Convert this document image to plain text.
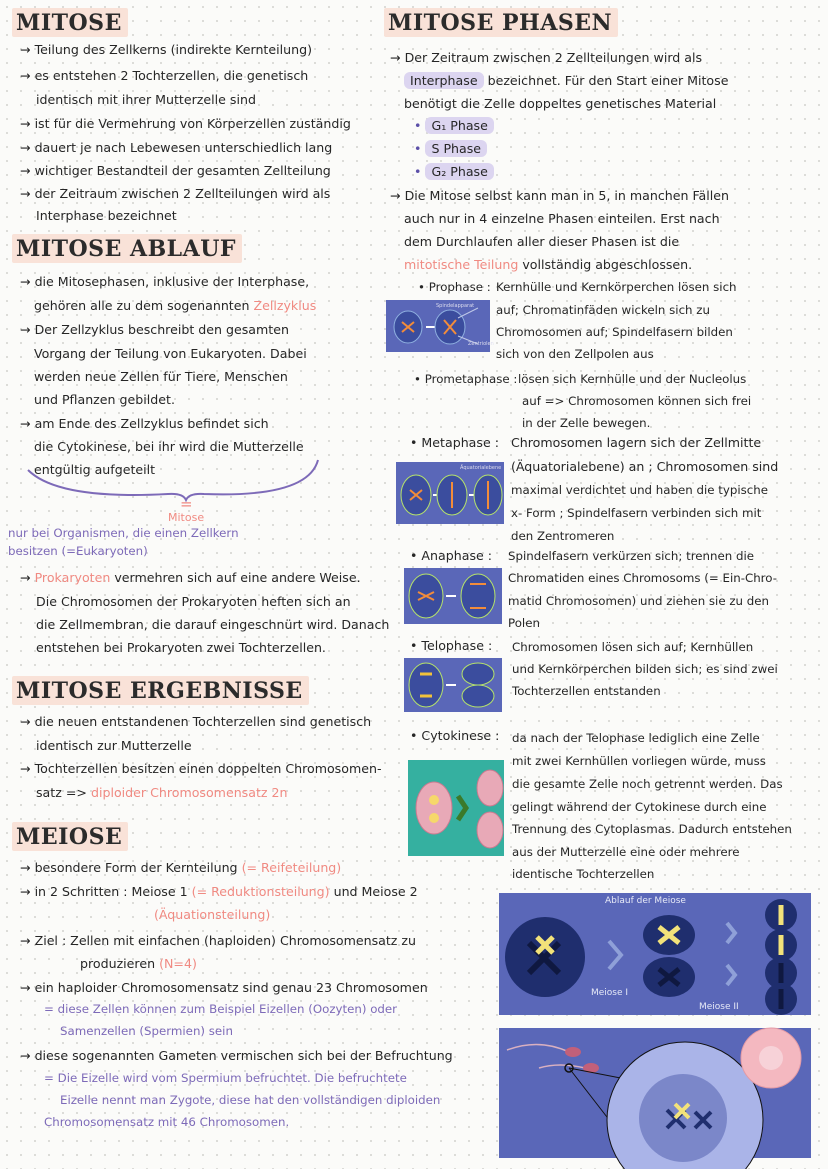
MITOSE
→ Teilung des Zellkerns (indirekte Kernteilung)
→ es entstehen 2 Tochterzellen, die genetisch
identisch mit ihrer Mutterzelle sind
→ ist für die Vermehrung von Körperzellen zuständig
→ dauert je nach Lebewesen unterschiedlich lang
→ wichtiger Bestandteil der gesamten Zellteilung
→ der Zeitraum zwischen 2 Zellteilungen wird als
Interphase bezeichnet
MITOSE ABLAUF
→ die Mitosephasen, inklusive der Interphase,
gehören alle zu dem sogenannten Zellzyklus
→ Der Zellzyklus beschreibt den gesamten
Vorgang der Teilung von Eukaryoten. Dabei
werden neue Zellen für Tiere, Menschen
und Pflanzen gebildet.
→ am Ende des Zellzyklus befindet sich
die Cytokinese, bei ihr wird die Mutterzelle
entgültig aufgeteilt
=
Mitose
nur bei Organismen, die einen Zellkern
besitzen (=Eukaryoten)
→ Prokaryoten vermehren sich auf eine andere Weise.
Die Chromosomen der Prokaryoten heften sich an
die Zellmembran, die darauf eingeschnürt wird. Danach
entstehen bei Prokaryoten zwei Tochterzellen.
MITOSE ERGEBNISSE
→ die neuen entstandenen Tochterzellen sind genetisch
identisch zur Mutterzelle
→ Tochterzellen besitzen einen doppelten Chromosomen-
satz => diploider Chromosomensatz 2n
MEIOSE
→ besondere Form der Kernteilung (= Reifeteilung)
→ in 2 Schritten : Meiose 1 (= Reduktionsteilung) und Meiose 2
(Äquationsteilung)
→ Ziel : Zellen mit einfachen (haploiden) Chromosomensatz zu
produzieren (N=4)
→ ein haploider Chromosomensatz sind genau 23 Chromosomen
= diese Zellen können zum Beispiel Eizellen (Oozyten) oder
Samenzellen (Spermien) sein
→ diese sogenannten Gameten vermischen sich bei der Befruchtung
= Die Eizelle wird vom Spermium befruchtet. Die befruchtete
Eizelle nennt man Zygote, diese hat den vollständigen diploiden
Chromosomensatz mit 46 Chromosomen.
MITOSE PHASEN
→ Der Zeitraum zwischen 2 Zellteilungen wird als
Interphase bezeichnet. Für den Start einer Mitose
benötigt die Zelle doppeltes genetisches Material
• G₁ Phase
• S Phase
• G₂ Phase
→ Die Mitose selbst kann man in 5, in manchen Fällen
auch nur in 4 einzelne Phasen einteilen. Erst nach
dem Durchlaufen aller dieser Phasen ist die
mitotische Teilung vollständig abgeschlossen.
• Prophase : Kernhülle und Kernkörperchen lösen sich
auf; Chromatinfäden wickeln sich zu
Chromosomen auf; Spindelfasern bilden
sich von den Zellpolen aus
Spindelapparat
Zentriolen
• Prometaphase : lösen sich Kernhülle und der Nucleolus
auf => Chromosomen können sich frei
in der Zelle bewegen.
• Metaphase : Chromosomen lagern sich der Zellmitte
(Äquatorialebene) an ; Chromosomen sind
maximal verdichtet und haben die typische
x- Form ; Spindelfasern verbinden sich mit
den Zentromeren
Äquatorialebene
• Anaphase : Spindelfasern verkürzen sich; trennen die
Chromatiden eines Chromosoms (= Ein-Chro-
matid Chromosomen) und ziehen sie zu den
Polen
• Telophase : Chromosomen lösen sich auf; Kernhüllen
und Kernkörperchen bilden sich; es sind zwei
Tochterzellen entstanden
• Cytokinese : da nach der Telophase lediglich eine Zelle
mit zwei Kernhüllen vorliegen würde, muss
die gesamte Zelle noch getrennt werden. Das
gelingt während der Cytokinese durch eine
Trennung des Cytoplasmas. Dadurch entstehen
aus der Mutterzelle eine oder mehrere
identische Tochterzellen
Ablauf der Meiose
Meiose I
Meiose II
